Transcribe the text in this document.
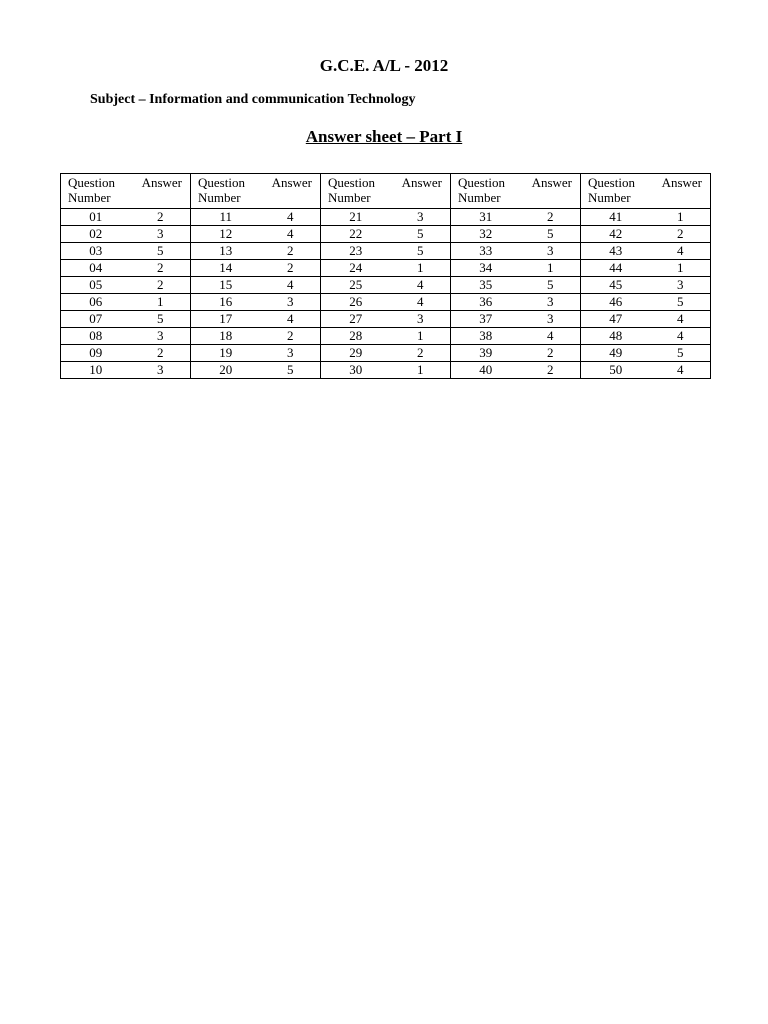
G.C.E. A/L - 2012

Subject – Information and communication Technology

Answer sheet – Part I
Question
Number	Answer	Question
Number	Answer	Question
Number	Answer	Question
Number	Answer	Question
Number	Answer
01	2	11	4	21	3	31	2	41	1
02	3	12	4	22	5	32	5	42	2
03	5	13	2	23	5	33	3	43	4
04	2	14	2	24	1	34	1	44	1
05	2	15	4	25	4	35	5	45	3
06	1	16	3	26	4	36	3	46	5
07	5	17	4	27	3	37	3	47	4
08	3	18	2	28	1	38	4	48	4
09	2	19	3	29	2	39	2	49	5
10	3	20	5	30	1	40	2	50	4
